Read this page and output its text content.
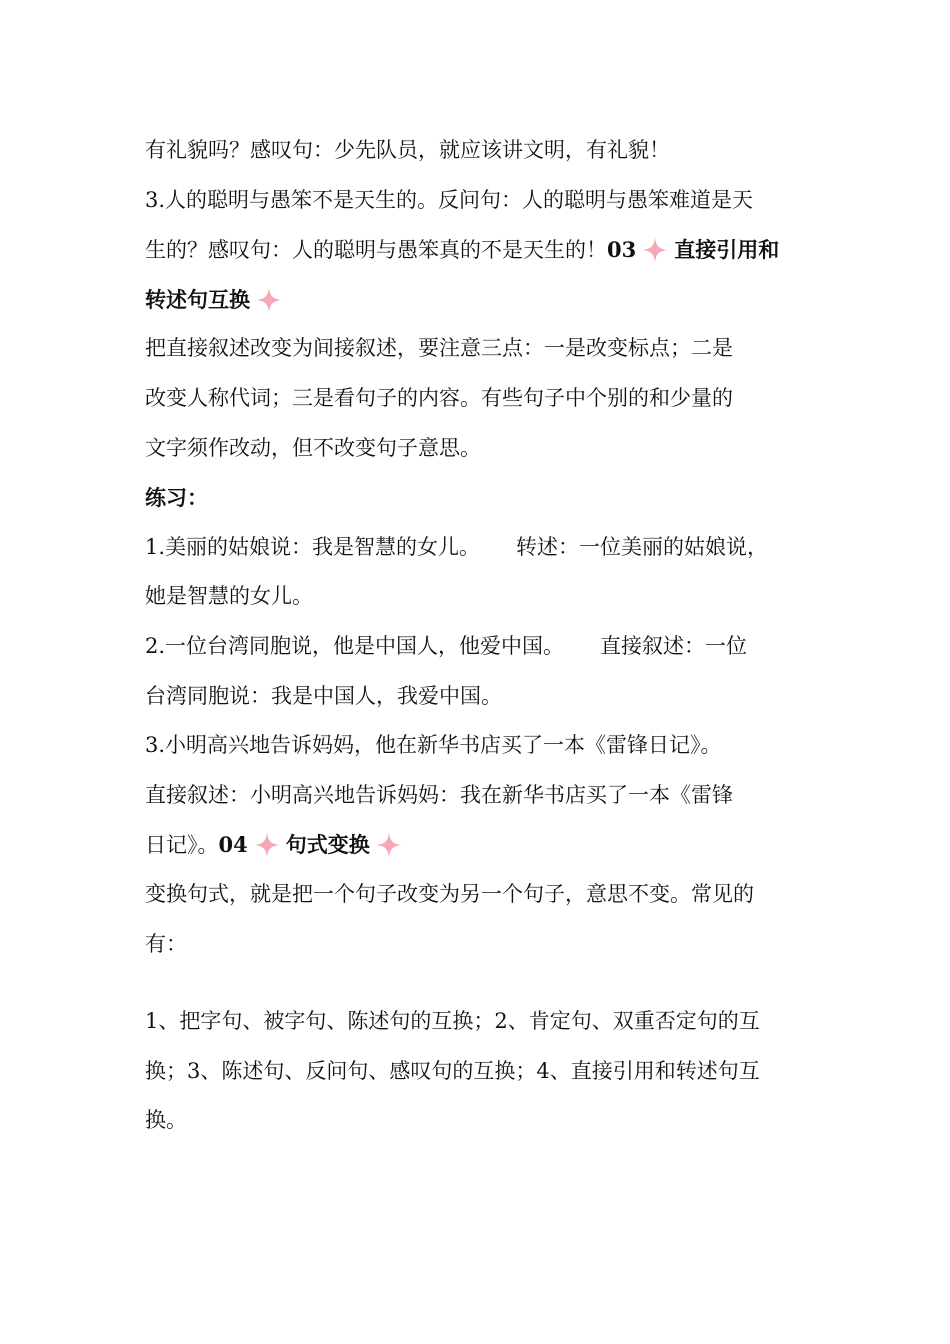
有礼貌吗？感叹句：少先队员，就应该讲文明，有礼貌！
3.人的聪明与愚笨不是天生的。反问句：人的聪明与愚笨难道是天
生的？感叹句：人的聪明与愚笨真的不是天生的！03 直接引用和
转述句互换
把直接叙述改变为间接叙述，要注意三点：一是改变标点；二是
改变人称代词；三是看句子的内容。有些句子中个别的和少量的
文字须作改动，但不改变句子意思。
练习：
1.美丽的姑娘说：我是智慧的女儿。 转述：一位美丽的姑娘说，
她是智慧的女儿。
2.一位台湾同胞说，他是中国人，他爱中国。 直接叙述：一位
台湾同胞说：我是中国人，我爱中国。
3.小明高兴地告诉妈妈，他在新华书店买了一本《雷锋日记》。
直接叙述：小明高兴地告诉妈妈：我在新华书店买了一本《雷锋
日记》。04 句式变换
变换句式，就是把一个句子改变为另一个句子，意思不变。常见的
有：
1、把字句、被字句、陈述句的互换；2、肯定句、双重否定句的互
换；3、陈述句、反问句、感叹句的互换；4、直接引用和转述句互
换。
